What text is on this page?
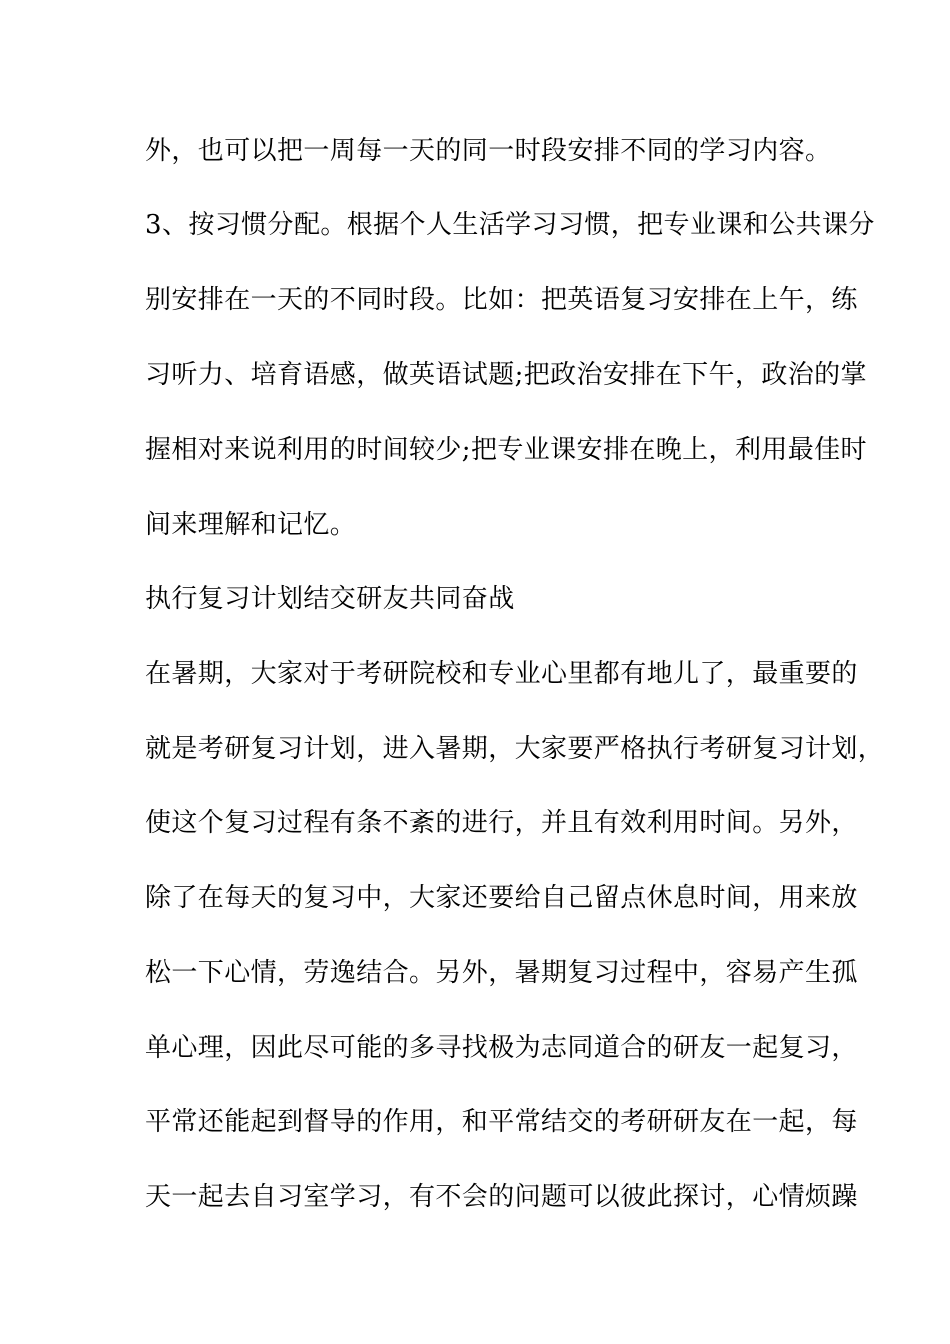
外，也可以把一周每一天的同一时段安排不同的学习内容。
3、按习惯分配。根据个人生活学习习惯，把专业课和公共课分
别安排在一天的不同时段。比如：把英语复习安排在上午，练
习听力、培育语感，做英语试题;把政治安排在下午，政治的掌
握相对来说利用的时间较少;把专业课安排在晚上，利用最佳时
间来理解和记忆。
执行复习计划结交研友共同奋战
在暑期，大家对于考研院校和专业心里都有地儿了，最重要的
就是考研复习计划，进入暑期，大家要严格执行考研复习计划，
使这个复习过程有条不紊的进行，并且有效利用时间。另外，
除了在每天的复习中，大家还要给自己留点休息时间，用来放
松一下心情，劳逸结合。另外，暑期复习过程中，容易产生孤
单心理，因此尽可能的多寻找极为志同道合的研友一起复习，
平常还能起到督导的作用，和平常结交的考研研友在一起，每
天一起去自习室学习，有不会的问题可以彼此探讨，心情烦躁
